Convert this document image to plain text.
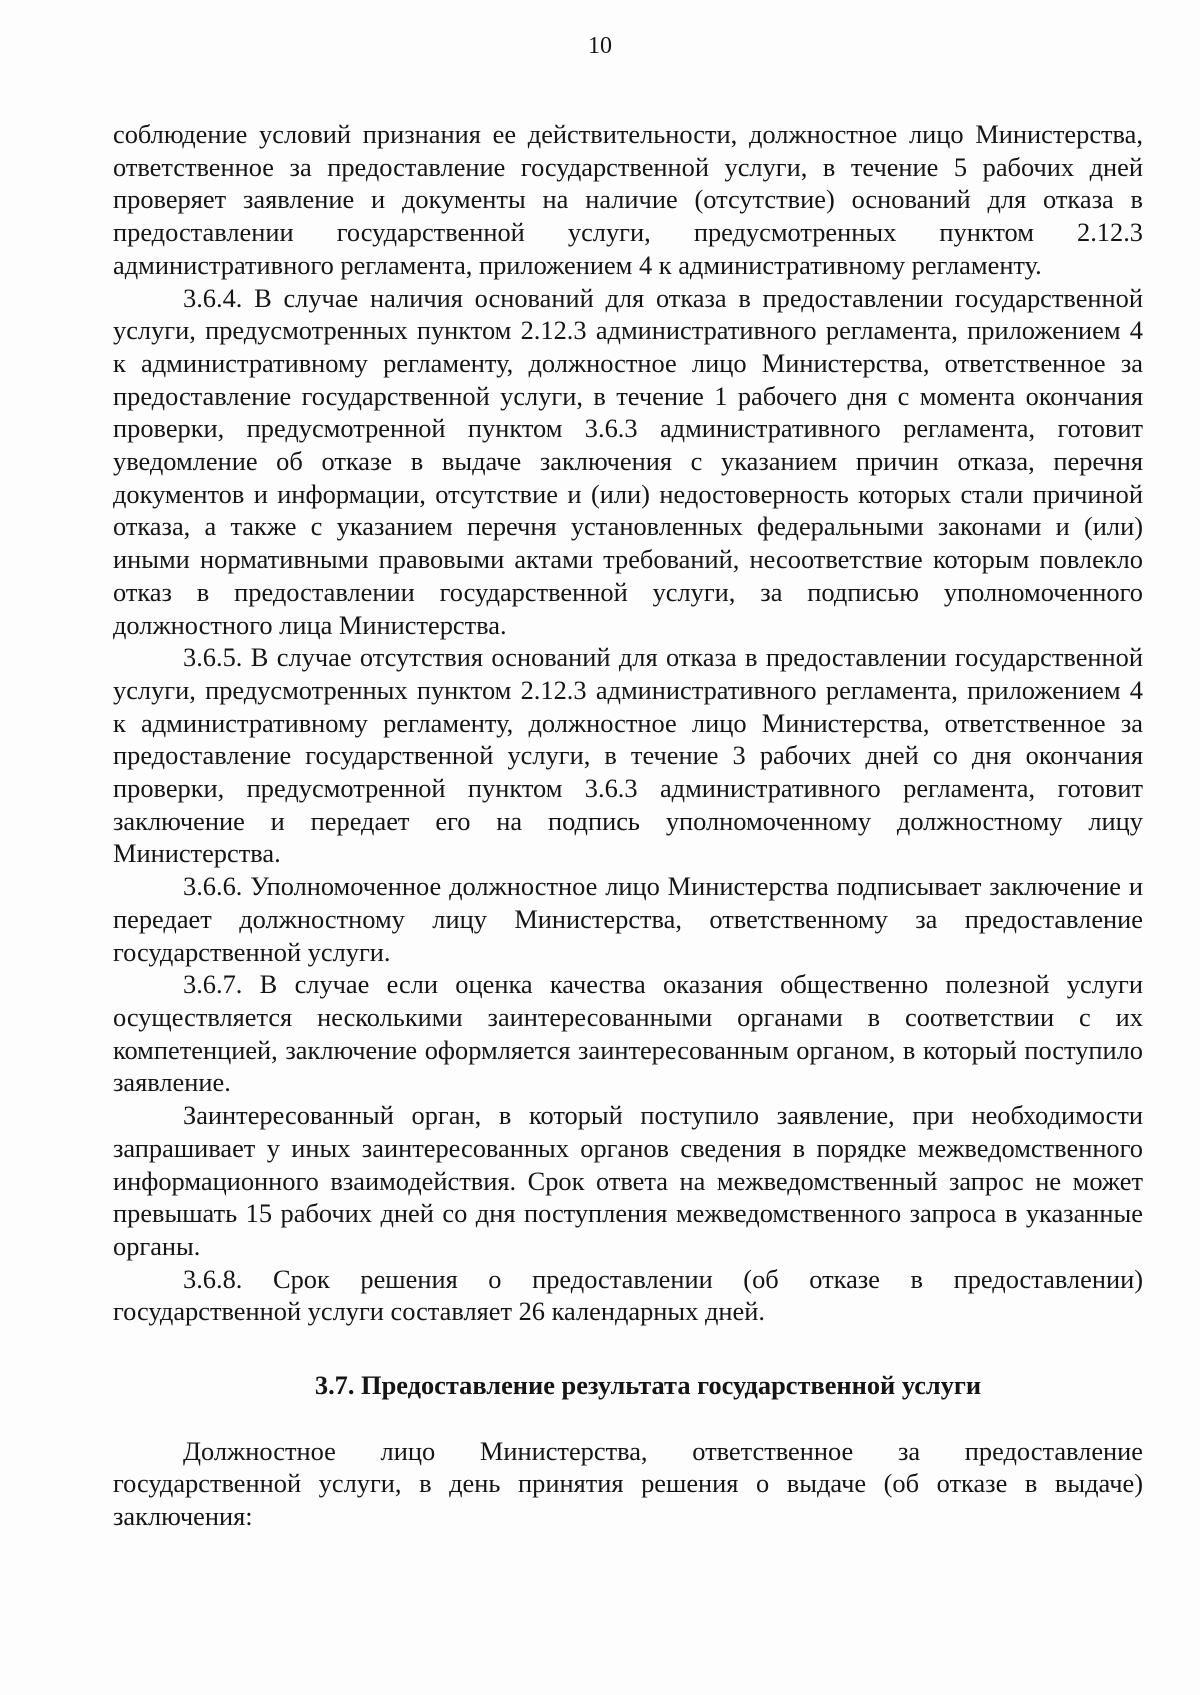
10

соблюдение условий признания ее действительности, должностное лицо Министерства, ответственное за предоставление государственной услуги, в течение 5 рабочих дней проверяет заявление и документы на наличие (отсутствие) оснований для отказа в предоставлении государственной услуги, предусмотренных пунктом 2.12.3 административного регламента, приложением 4 к административному регламенту.

3.6.4. В случае наличия оснований для отказа в предоставлении государственной услуги, предусмотренных пунктом 2.12.3 административного регламента, приложением 4 к административному регламенту, должностное лицо Министерства, ответственное за предоставление государственной услуги, в течение 1 рабочего дня с момента окончания проверки, предусмотренной пунктом 3.6.3 административного регламента, готовит уведомление об отказе в выдаче заключения с указанием причин отказа, перечня документов и информации, отсутствие и (или) недостоверность которых стали причиной отказа, а также с указанием перечня установленных федеральными законами и (или) иными нормативными правовыми актами требований, несоответствие которым повлекло отказ в предоставлении государственной услуги, за подписью уполномоченного должностного лица Министерства.

3.6.5. В случае отсутствия оснований для отказа в предоставлении государственной услуги, предусмотренных пунктом 2.12.3 административного регламента, приложением 4 к административному регламенту, должностное лицо Министерства, ответственное за предоставление государственной услуги, в течение 3 рабочих дней со дня окончания проверки, предусмотренной пунктом 3.6.3 административного регламента, готовит заключение и передает его на подпись уполномоченному должностному лицу Министерства.

3.6.6. Уполномоченное должностное лицо Министерства подписывает заключение и передает должностному лицу Министерства, ответственному за предоставление государственной услуги.

3.6.7. В случае если оценка качества оказания общественно полезной услуги осуществляется несколькими заинтересованными органами в соответствии с их компетенцией, заключение оформляется заинтересованным органом, в который поступило заявление.

Заинтересованный орган, в который поступило заявление, при необходимости запрашивает у иных заинтересованных органов сведения в порядке межведомственного информационного взаимодействия. Срок ответа на межведомственный запрос не может превышать 15 рабочих дней со дня поступления межведомственного запроса в указанные органы.

3.6.8. Срок решения о предоставлении (об отказе в предоставлении) государственной услуги составляет 26 календарных дней.

3.7. Предоставление результата государственной услуги

Должностное лицо Министерства, ответственное за предоставление государственной услуги, в день принятия решения о выдаче (об отказе в выдаче) заключения:
